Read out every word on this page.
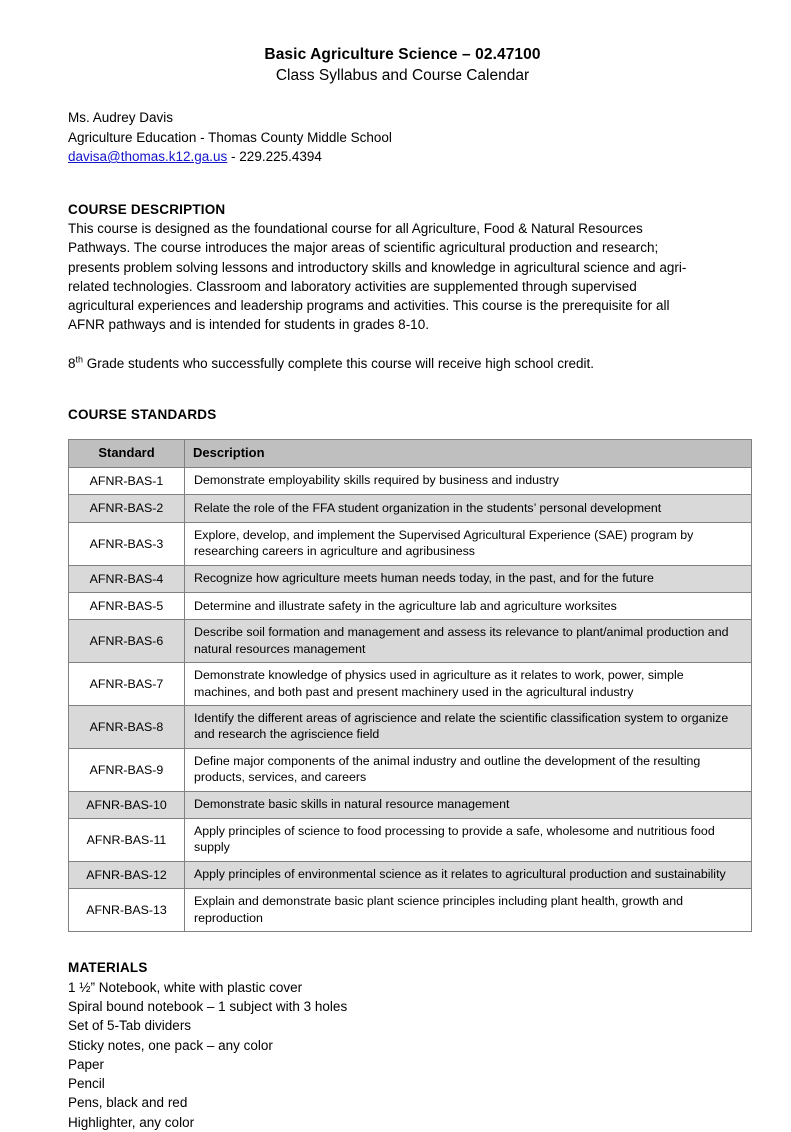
Basic Agriculture Science – 02.47100
Class Syllabus and Course Calendar
Ms. Audrey Davis
Agriculture Education - Thomas County Middle School
davisa@thomas.k12.ga.us - 229.225.4394
COURSE DESCRIPTION
This course is designed as the foundational course for all Agriculture, Food & Natural Resources Pathways. The course introduces the major areas of scientific agricultural production and research; presents problem solving lessons and introductory skills and knowledge in agricultural science and agri-related technologies. Classroom and laboratory activities are supplemented through supervised agricultural experiences and leadership programs and activities. This course is the prerequisite for all AFNR pathways and is intended for students in grades 8-10.
8th Grade students who successfully complete this course will receive high school credit.
COURSE STANDARDS
Standard	Description
AFNR-BAS-1	Demonstrate employability skills required by business and industry
AFNR-BAS-2	Relate the role of the FFA student organization in the students’ personal development
AFNR-BAS-3	Explore, develop, and implement the Supervised Agricultural Experience (SAE) program by researching careers in agriculture and agribusiness
AFNR-BAS-4	Recognize how agriculture meets human needs today, in the past, and for the future
AFNR-BAS-5	Determine and illustrate safety in the agriculture lab and agriculture worksites
AFNR-BAS-6	Describe soil formation and management and assess its relevance to plant/animal production and natural resources management
AFNR-BAS-7	Demonstrate knowledge of physics used in agriculture as it relates to work, power, simple machines, and both past and present machinery used in the agricultural industry
AFNR-BAS-8	Identify the different areas of agriscience and relate the scientific classification system to organize and research the agriscience field
AFNR-BAS-9	Define major components of the animal industry and outline the development of the resulting products, services, and careers
AFNR-BAS-10	Demonstrate basic skills in natural resource management
AFNR-BAS-11	Apply principles of science to food processing to provide a safe, wholesome and nutritious food supply
AFNR-BAS-12	Apply principles of environmental science as it relates to agricultural production and sustainability
AFNR-BAS-13	Explain and demonstrate basic plant science principles including plant health, growth and reproduction
MATERIALS
1 ½” Notebook, white with plastic cover
Spiral bound notebook – 1 subject with 3 holes
Set of 5-Tab dividers
Sticky notes, one pack – any color
Paper
Pencil
Pens, black and red
Highlighter, any color
